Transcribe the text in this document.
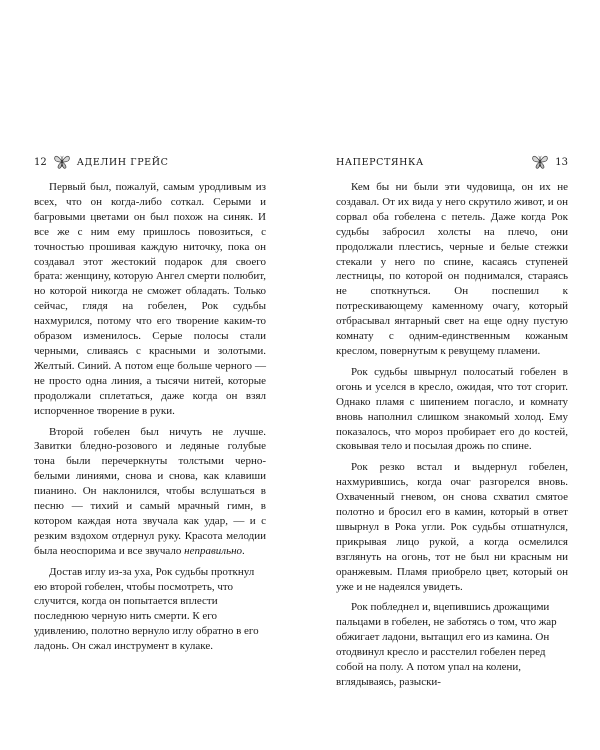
12	АДЕЛИН ГРЕЙС

Первый был, пожалуй, самым уродливым из всех, что он когда-либо соткал. Серыми и багровыми цветами он был похож на синяк. И все же с ним ему пришлось повозиться, с точностью прошивая каждую ниточку, пока он создавал этот жестокий подарок для своего брата: женщину, которую Ангел смерти полюбит, но которой никогда не сможет обладать. Только сейчас, глядя на гобелен, Рок судьбы нахмурился, потому что его творение каким-то образом изменилось. Серые полосы стали черными, сливаясь с красными и золотыми. Желтый. Синий. А потом еще больше черного — не просто одна линия, а тысячи нитей, которые продолжали сплетаться, даже когда он взял испорченное творение в руки.

Второй гобелен был ничуть не лучше. Завитки бледно-розового и ледяные голубые тона были перечеркнуты толстыми черно-белыми линиями, снова и снова, как клавиши пианино. Он наклонился, чтобы вслушаться в песню — тихий и самый мрачный гимн, в котором каждая нота звучала как удар, — и с резким вздохом отдернул руку. Красота мелодии была неоспорима и все звучало неправильно.

Достав иглу из-за уха, Рок судьбы проткнул ею второй гобелен, чтобы посмотреть, что случится, когда он попытается вплести последнюю черную нить смерти. К его удивлению, полотно вернуло иглу обратно в его ладонь. Он сжал инструмент в кулаке.

НАПЕРСТЯНКА	13

Кем бы ни были эти чудовища, он их не создавал. От их вида у него скрутило живот, и он сорвал оба гобелена с петель. Даже когда Рок судьбы забросил холсты на плечо, они продолжали плестись, черные и белые стежки стекали у него по спине, касаясь ступеней лестницы, по которой он поднимался, стараясь не споткнуться. Он поспешил к потрескивающему каменному очагу, который отбрасывал янтарный свет на еще одну пустую комнату с одним-единственным кожаным креслом, повернутым к ревущему пламени.

Рок судьбы швырнул полосатый гобелен в огонь и уселся в кресло, ожидая, что тот сгорит. Однако пламя с шипением погасло, и комнату вновь наполнил слишком знакомый холод. Ему показалось, что мороз пробирает его до костей, сковывая тело и посылая дрожь по спине.

Рок резко встал и выдернул гобелен, нахмурившись, когда очаг разгорелся вновь. Охваченный гневом, он снова схватил смятое полотно и бросил его в камин, который в ответ швырнул в Рока угли. Рок судьбы отшатнулся, прикрывая лицо рукой, а когда осмелился взглянуть на огонь, тот не был ни красным ни оранжевым. Пламя приобрело цвет, который он уже и не надеялся увидеть.

Рок побледнел и, вцепившись дрожащими пальцами в гобелен, не заботясь о том, что жар обжигает ладони, вытащил его из камина. Он отодвинул кресло и расстелил гобелен перед собой на полу. А потом упал на колени, вглядываясь, разыски-
